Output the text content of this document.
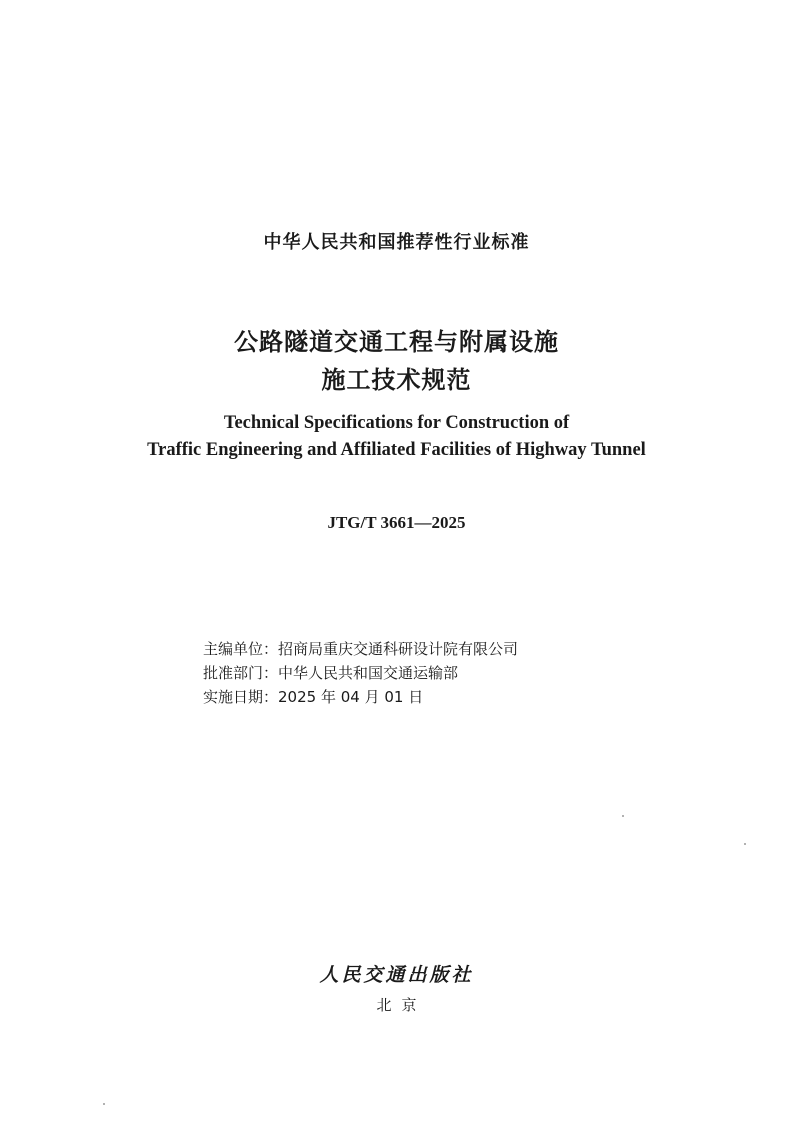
中华人民共和国推荐性行业标准
公路隧道交通工程与附属设施
施工技术规范
Technical Specifications for Construction of
Traffic Engineering and Affiliated Facilities of Highway Tunnel
JTG/T 3661—2025
主编单位：招商局重庆交通科研设计院有限公司
批准部门：中华人民共和国交通运输部
实施日期：2025 年 04 月 01 日
人民交通出版社
北京
